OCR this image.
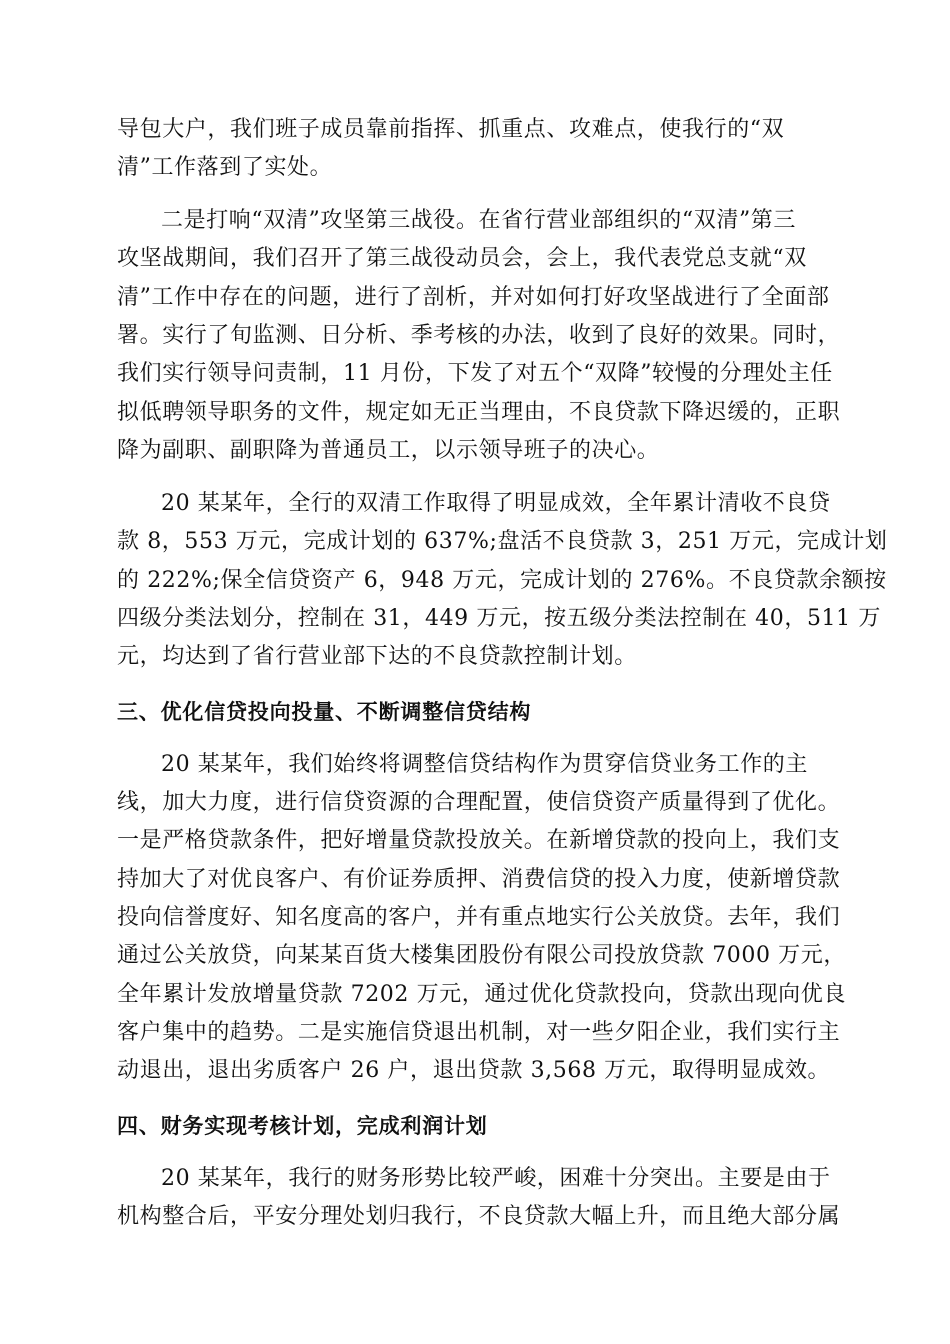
导包大户，我们班子成员靠前指挥、抓重点、攻难点，使我行的“双
清”工作落到了实处。
二是打响“双清”攻坚第三战役。在省行营业部组织的“双清”第三
攻坚战期间，我们召开了第三战役动员会，会上，我代表党总支就“双
清”工作中存在的问题，进行了剖析，并对如何打好攻坚战进行了全面部
署。实行了旬监测、日分析、季考核的办法，收到了良好的效果。同时，
我们实行领导问责制，11 月份，下发了对五个“双降”较慢的分理处主任
拟低聘领导职务的文件，规定如无正当理由，不良贷款下降迟缓的，正职
降为副职、副职降为普通员工，以示领导班子的决心。
20 某某年，全行的双清工作取得了明显成效，全年累计清收不良贷
款 8，553 万元，完成计划的 637%;盘活不良贷款 3，251 万元，完成计划
的 222%;保全信贷资产 6，948 万元，完成计划的 276%。不良贷款余额按
四级分类法划分，控制在 31，449 万元，按五级分类法控制在 40，511 万
元，均达到了省行营业部下达的不良贷款控制计划。
三、优化信贷投向投量、不断调整信贷结构
20 某某年，我们始终将调整信贷结构作为贯穿信贷业务工作的主
线，加大力度，进行信贷资源的合理配置，使信贷资产质量得到了优化。
一是严格贷款条件，把好增量贷款投放关。在新增贷款的投向上，我们支
持加大了对优良客户、有价证券质押、消费信贷的投入力度，使新增贷款
投向信誉度好、知名度高的客户，并有重点地实行公关放贷。去年，我们
通过公关放贷，向某某百货大楼集团股份有限公司投放贷款 7000 万元，
全年累计发放增量贷款 7202 万元，通过优化贷款投向，贷款出现向优良
客户集中的趋势。二是实施信贷退出机制，对一些夕阳企业，我们实行主
动退出，退出劣质客户 26 户，退出贷款 3,568 万元，取得明显成效。
四、财务实现考核计划，完成利润计划
20 某某年，我行的财务形势比较严峻，困难十分突出。主要是由于
机构整合后，平安分理处划归我行，不良贷款大幅上升，而且绝大部分属
